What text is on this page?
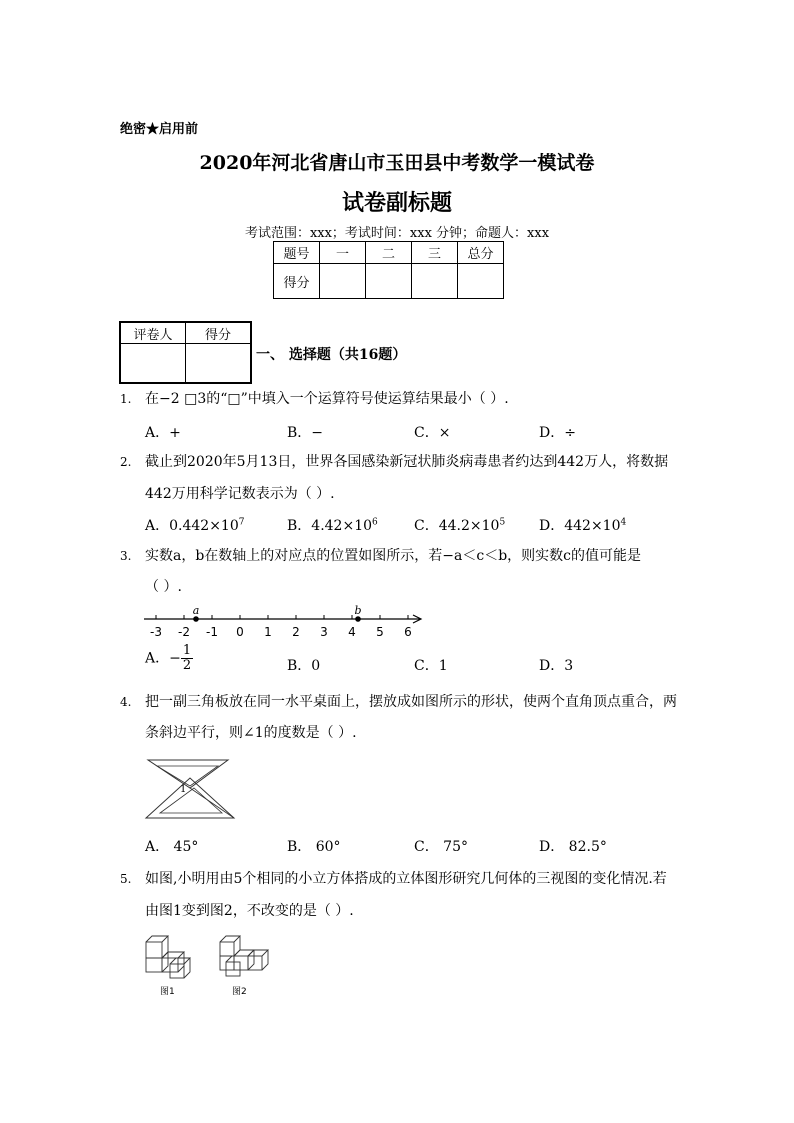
绝密★启用前
2020年河北省唐山市玉田县中考数学一模试卷
试卷副标题
考试范围：xxx；考试时间：xxx 分钟；命题人：xxx
题号	一	二	三	总分
得分				
评卷人	得分

一、 选择题（共16题）
1. 在−2 □3的“□”中填入一个运算符号使运算结果最小（ ）.
A．+	B．−	C．×	D．÷
2. 截止到2020年5月13日，世界各国感染新冠状肺炎病毒患者约达到442万人，将数据
442万用科学记数表示为（ ）.
A．$0.442\times 10^7$	B．$4.42\times 10^6$	C．$44.2\times 10^5$ D．$442\times 10^4$
3. 实数a，b在数轴上的对应点的位置如图所示，若−a＜c＜b，则实数c的值可能是
（ ）.
-3 -2 -1 0 1 2 3 4 5 6
a	b
A．− $\frac{1}{2}$	B．0	C．1	D．3
4. 把一副三角板放在同一水平桌面上，摆放成如图所示的形状，使两个直角顶点重合，两
条斜边平行，则∠1的度数是（ ）.
1
A． 45°	B． 60°	C． 75°	D． 82.5°
5. 如图,小明用由5个相同的小立方体搭成的立体图形研究几何体的三视图的变化情况.若
由图1变到图2，不改变的是（ ）.
图1	图2
